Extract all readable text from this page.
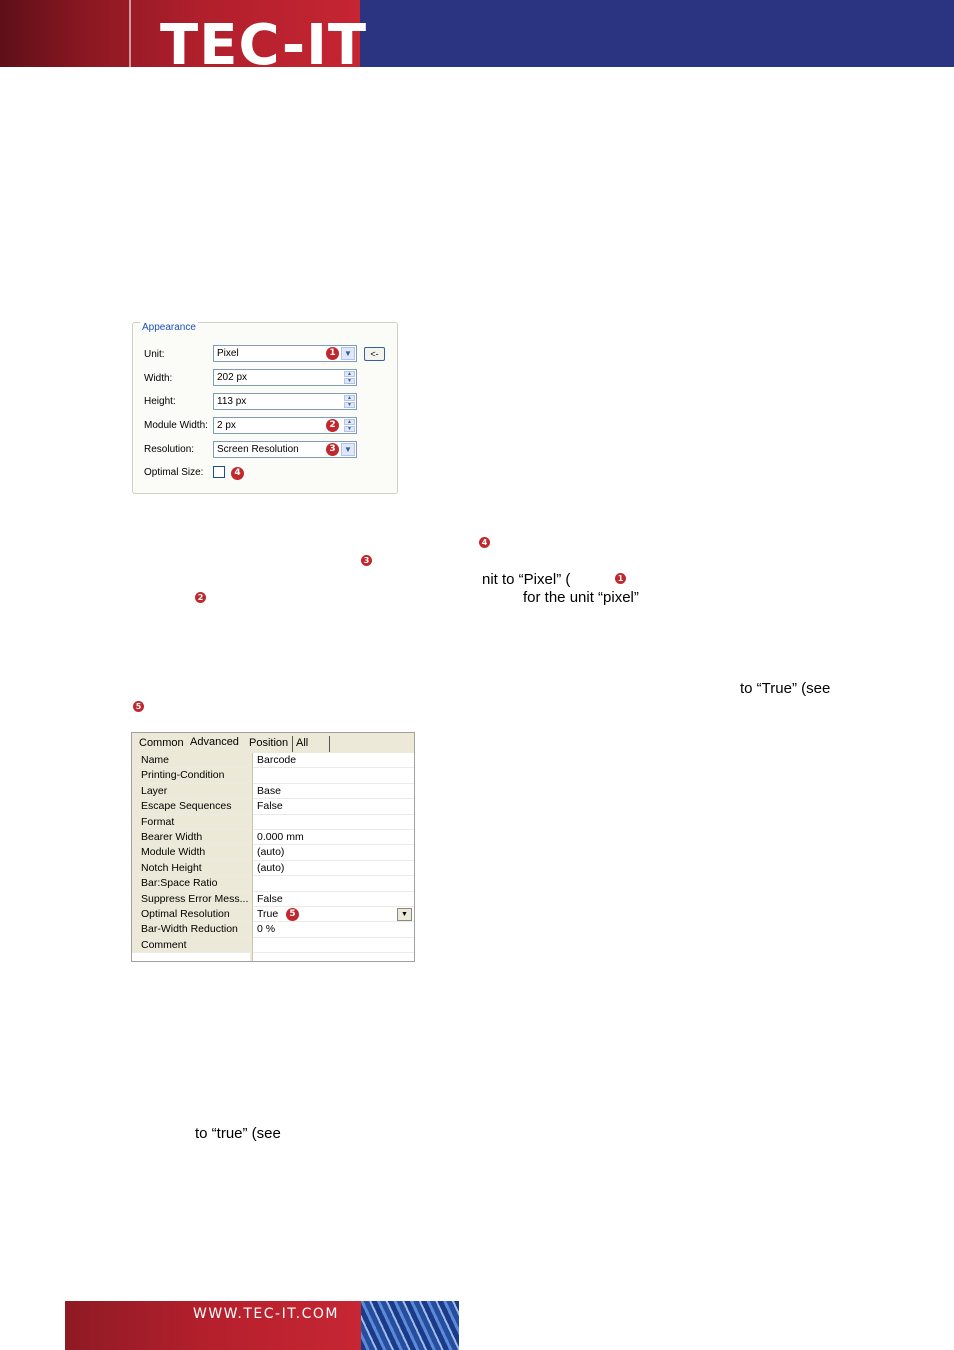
TEC-IT
Appearance
Unit:	Pixel	▼
1	<-
Width:	202 px	▲
▼
Height:	113 px	▲
▼
Module Width: 2 px	▲
▼
2
Resolution:	Screen Resolution	▼
3
Optimal Size:	4
4
3
nit to “Pixel” (	1
2	for the unit “pixel”
to “True” (see
5
Common Advanced Position All
Name	Barcode
Printing-Condition
Layer	Base
Escape Sequences	False
Format
Bearer Width	0.000 mm
Module Width	(auto)
Notch Height	(auto)
Bar:Space Ratio
Suppress Error Mess... False
Optimal Resolution	True	5	▼
Bar-Width Reduction	0 %
Comment
to “true” (see
WWW.TEC-IT.COM
